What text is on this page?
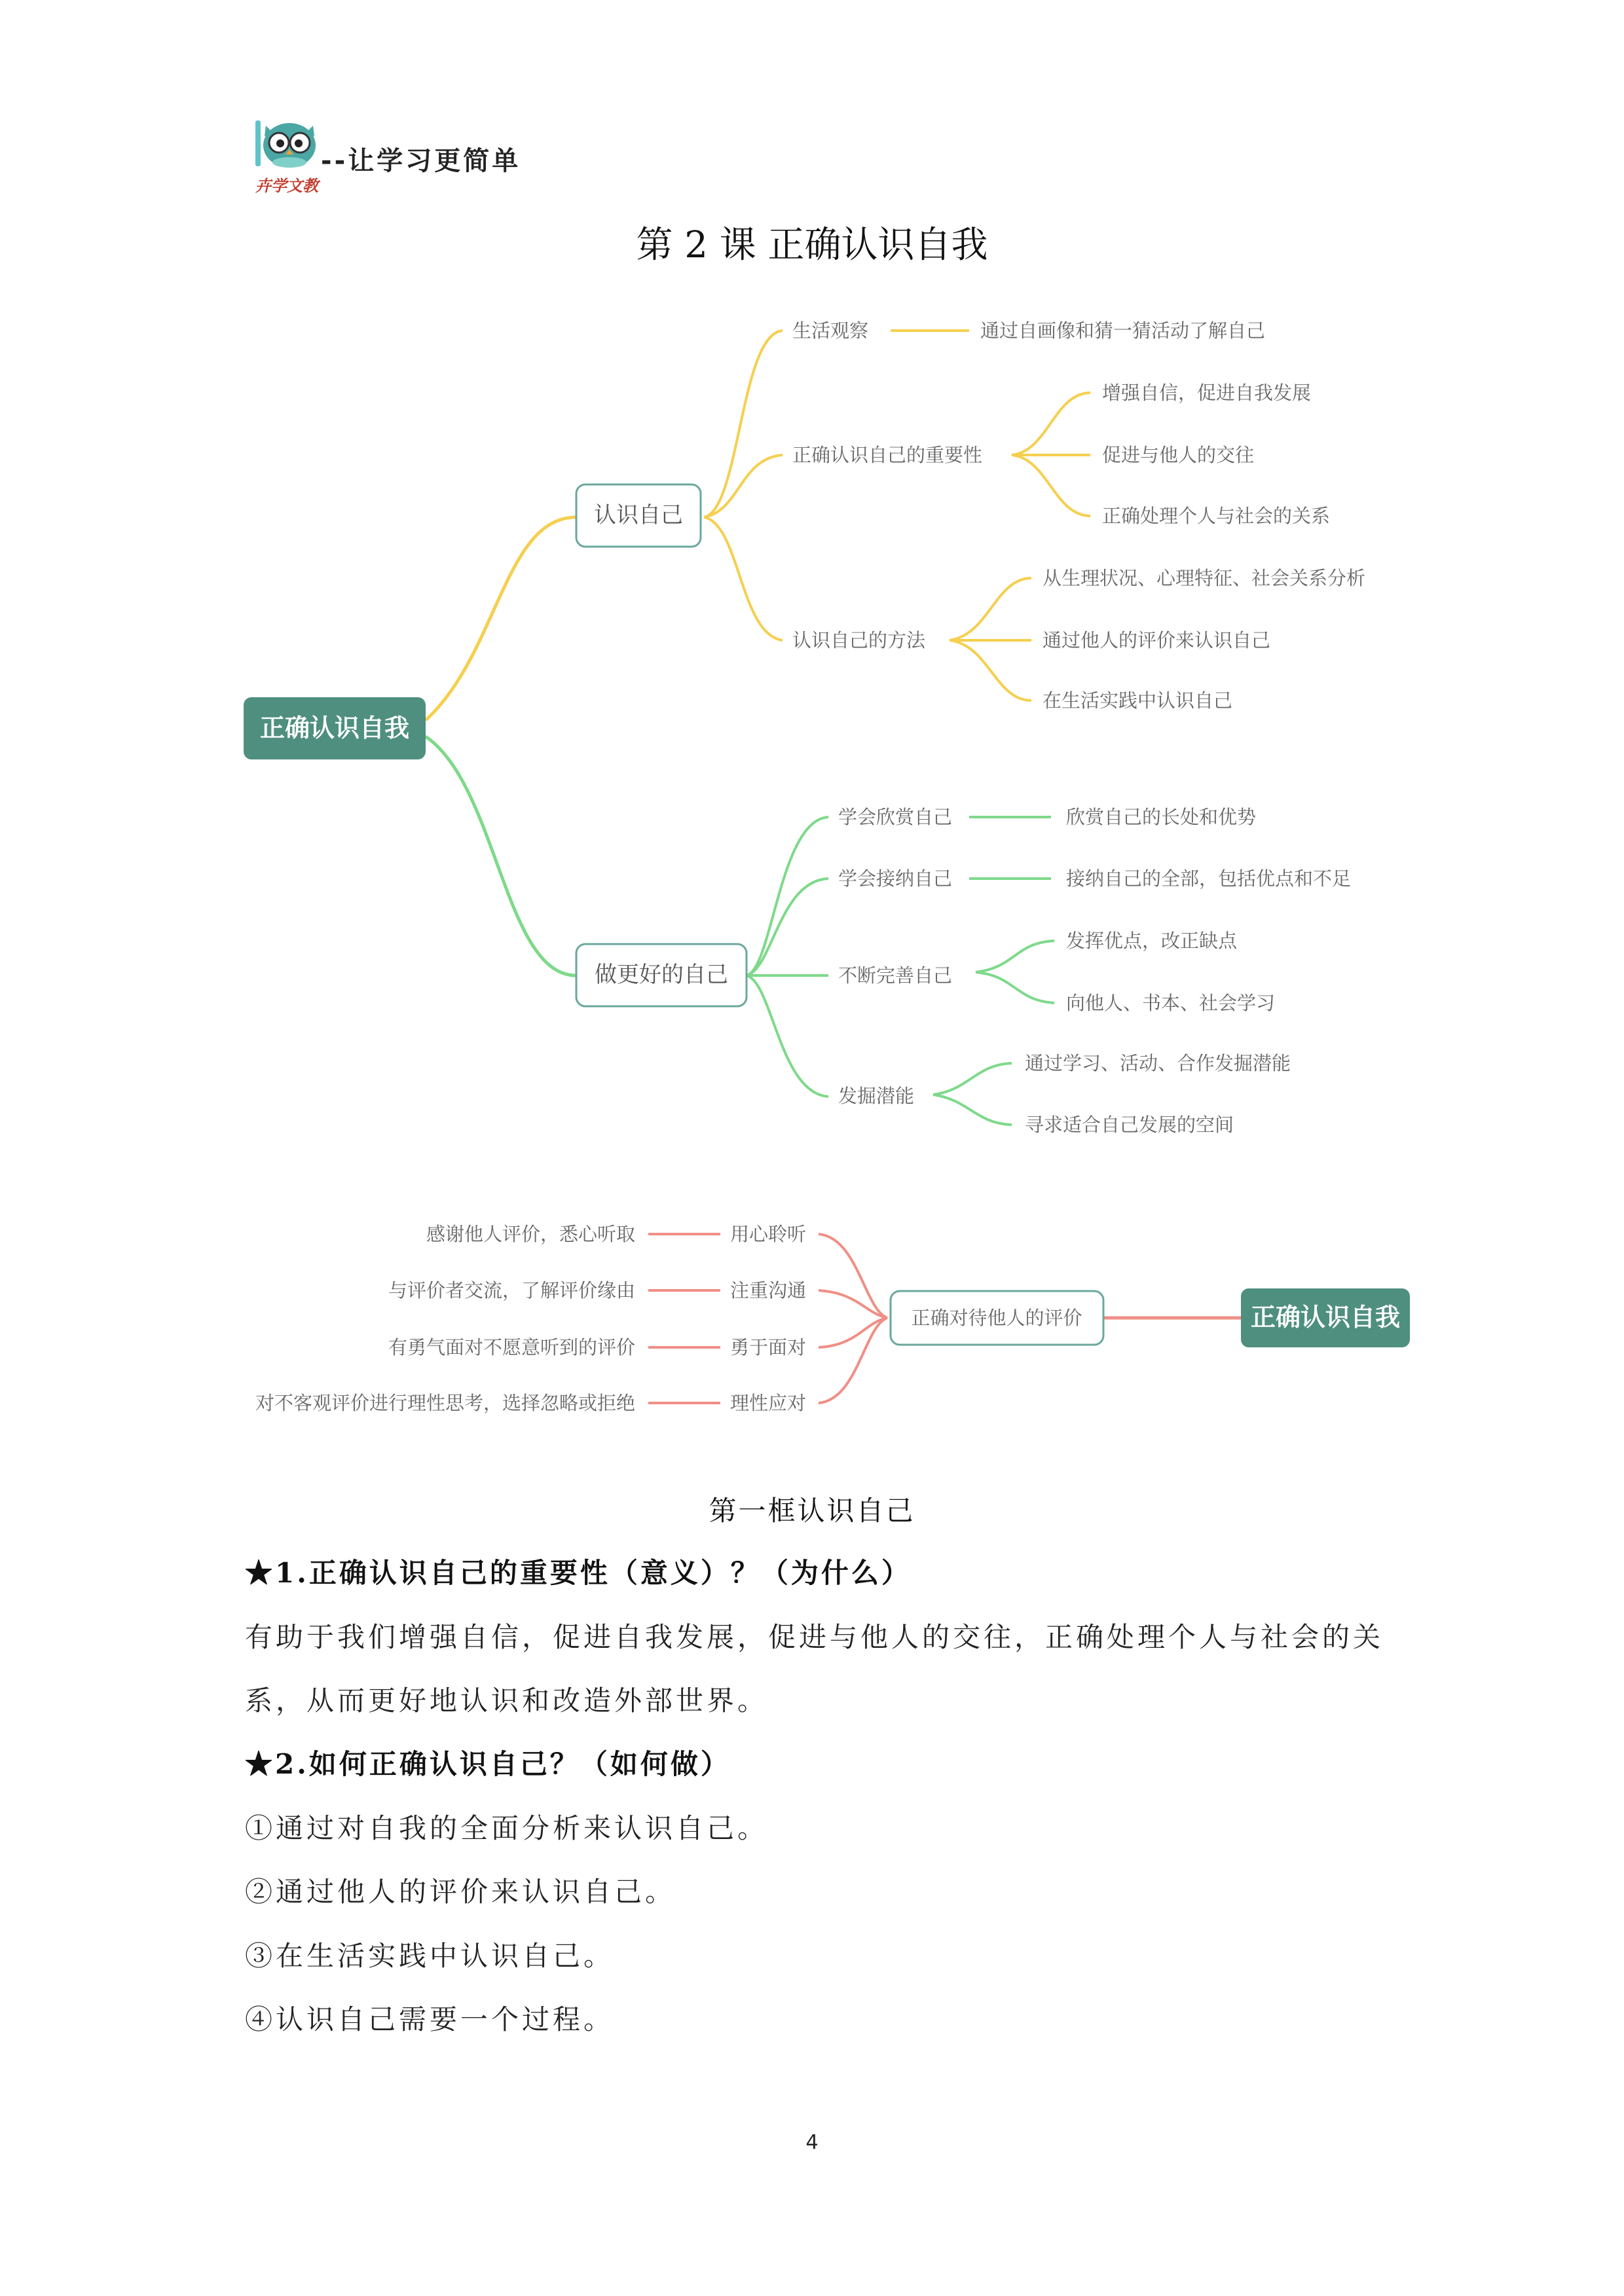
卉学文教
--让学习更简单
第 2 课 正确认识自我
正确认识自我
认识自己
做更好的自己
生活观察
正确认识自己的重要性
认识自己的方法
通过自画像和猜一猜活动了解自己
增强自信，促进自我发展
促进与他人的交往
正确处理个人与社会的关系
从生理状况、心理特征、社会关系分析
通过他人的评价来认识自己
在生活实践中认识自己
学会欣赏自己
学会接纳自己
不断完善自己
发掘潜能
欣赏自己的长处和优势
接纳自己的全部，包括优点和不足
发挥优点，改正缺点
向他人、书本、社会学习
通过学习、活动、合作发掘潜能
寻求适合自己发展的空间
正确认识自我
正确对待他人的评价
用心聆听
注重沟通
勇于面对
理性应对
感谢他人评价，悉心听取
与评价者交流，了解评价缘由
有勇气面对不愿意听到的评价
对不客观评价进行理性思考，选择忽略或拒绝
第一框认识自己
★1.正确认识自己的重要性（意义）？（为什么）
有助于我们增强自信，促进自我发展，促进与他人的交往，正确处理个人与社会的关
系，从而更好地认识和改造外部世界。
★2.如何正确认识自己？（如何做）
①通过对自我的全面分析来认识自己。
②通过他人的评价来认识自己。
③在生活实践中认识自己。
④认识自己需要一个过程。
4
